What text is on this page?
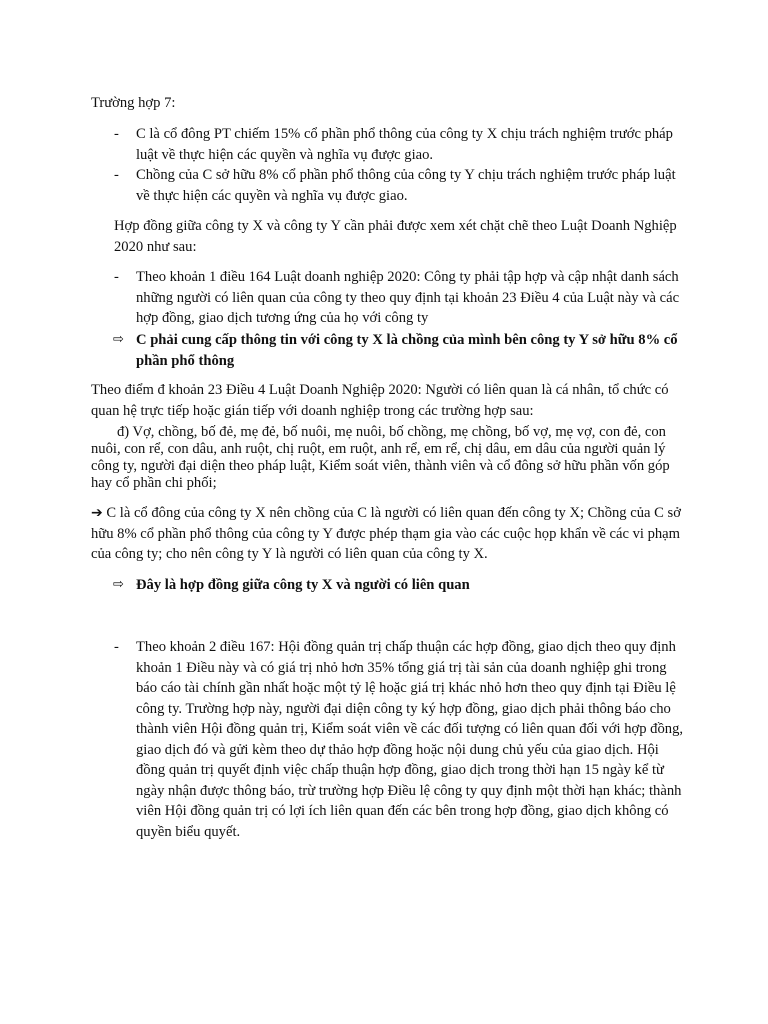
Trường hợp 7:

- C là cổ đông PT chiếm 15% cổ phần phổ thông của công ty X chịu trách nghiệm trước pháp luật về thực hiện các quyền và nghĩa vụ được giao.
- Chồng của C sở hữu 8% cổ phần phổ thông của công ty Y chịu trách nghiệm trước pháp luật về thực hiện các quyền và nghĩa vụ được giao.

Hợp đồng giữa công ty X và công ty Y cần phải được xem xét chặt chẽ theo Luật Doanh Nghiệp 2020 như sau:

- Theo khoản 1 điều 164 Luật doanh nghiệp 2020: Công ty phải tập hợp và cập nhật danh sách những người có liên quan của công ty theo quy định tại khoản 23 Điều 4 của Luật này và các hợp đồng, giao dịch tương ứng của họ với công ty
⇨ C phải cung cấp thông tin với công ty X là chồng của mình bên công ty Y sở hữu 8% cổ phần phổ thông

Theo điểm đ khoản 23 Điều 4 Luật Doanh Nghiệp 2020: Người có liên quan là cá nhân, tổ chức có quan hệ trực tiếp hoặc gián tiếp với doanh nghiệp trong các trường hợp sau:

đ) Vợ, chồng, bố đẻ, mẹ đẻ, bố nuôi, mẹ nuôi, bố chồng, mẹ chồng, bố vợ, mẹ vợ, con đẻ, con nuôi, con rể, con dâu, anh ruột, chị ruột, em ruột, anh rể, em rể, chị dâu, em dâu của người quản lý công ty, người đại diện theo pháp luật, Kiểm soát viên, thành viên và cổ đông sở hữu phần vốn góp hay cổ phần chi phối;

➔ C là cổ đông của công ty X nên chồng của C là người có liên quan đến công ty X; Chồng của C sở hữu 8% cổ phần phổ thông của công ty Y được phép thạm gia vào các cuộc họp khẩn về các vi phạm của công ty; cho nên công ty Y là người có liên quan của công ty X.

⇨ Đây là hợp đồng giữa công ty X và người có liên quan
- Theo khoản 2 điều 167: Hội đồng quản trị chấp thuận các hợp đồng, giao dịch theo quy định khoản 1 Điều này và có giá trị nhỏ hơn 35% tổng giá trị tài sản của doanh nghiệp ghi trong báo cáo tài chính gần nhất hoặc một tỷ lệ hoặc giá trị khác nhỏ hơn theo quy định tại Điều lệ công ty. Trường hợp này, người đại diện công ty ký hợp đồng, giao dịch phải thông báo cho thành viên Hội đồng quản trị, Kiểm soát viên về các đối tượng có liên quan đối với hợp đồng, giao dịch đó và gửi kèm theo dự thảo hợp đồng hoặc nội dung chủ yếu của giao dịch. Hội đồng quản trị quyết định việc chấp thuận hợp đồng, giao dịch trong thời hạn 15 ngày kể từ ngày nhận được thông báo, trừ trường hợp Điều lệ công ty quy định một thời hạn khác; thành viên Hội đồng quản trị có lợi ích liên quan đến các bên trong hợp đồng, giao dịch không có quyền biểu quyết.
